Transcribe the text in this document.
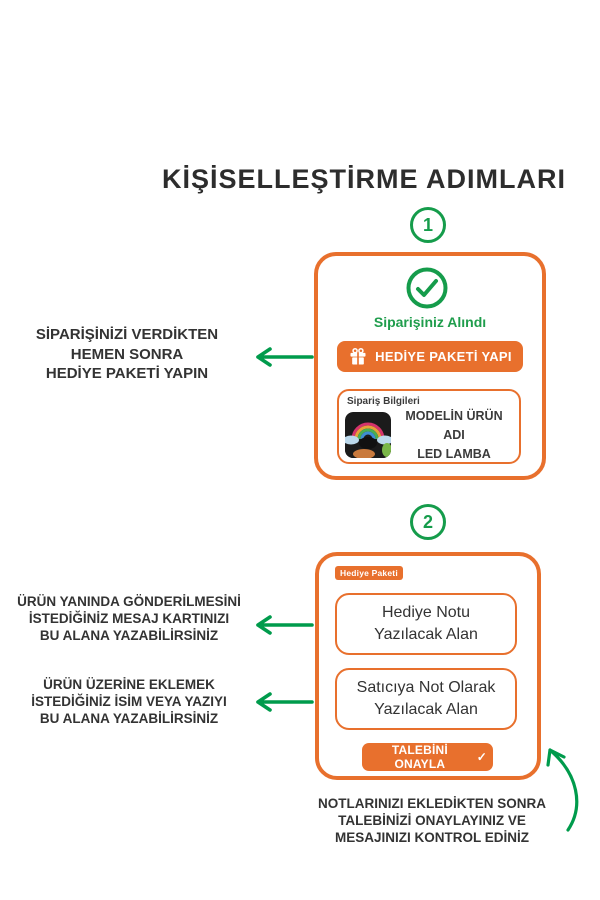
KİŞİSELLEŞTİRME ADIMLARI
1
Siparişiniz Alındı
HEDİYE PAKETİ YAPI
Sipariş Bilgileri
MODELİN ÜRÜN ADI
LED LAMBA
SİPARİŞİNİZİ VERDİKTEN
HEMEN SONRA
HEDİYE PAKETİ YAPIN
2
Hediye Paketi
Hediye Notu
Yazılacak Alan
Satıcıya Not Olarak
Yazılacak Alan
TALEBİNİ ONAYLA	✓
ÜRÜN YANINDA GÖNDERİLMESİNİ
İSTEDİĞİNİZ MESAJ KARTINIZI
BU ALANA YAZABİLİRSİNİZ
ÜRÜN ÜZERİNE EKLEMEK
İSTEDİĞİNİZ İSİM VEYA YAZIYI
BU ALANA YAZABİLİRSİNİZ
NOTLARINIZI EKLEDİKTEN SONRA
TALEBİNİZİ ONAYLAYINIZ VE
MESAJINIZI KONTROL EDİNİZ
